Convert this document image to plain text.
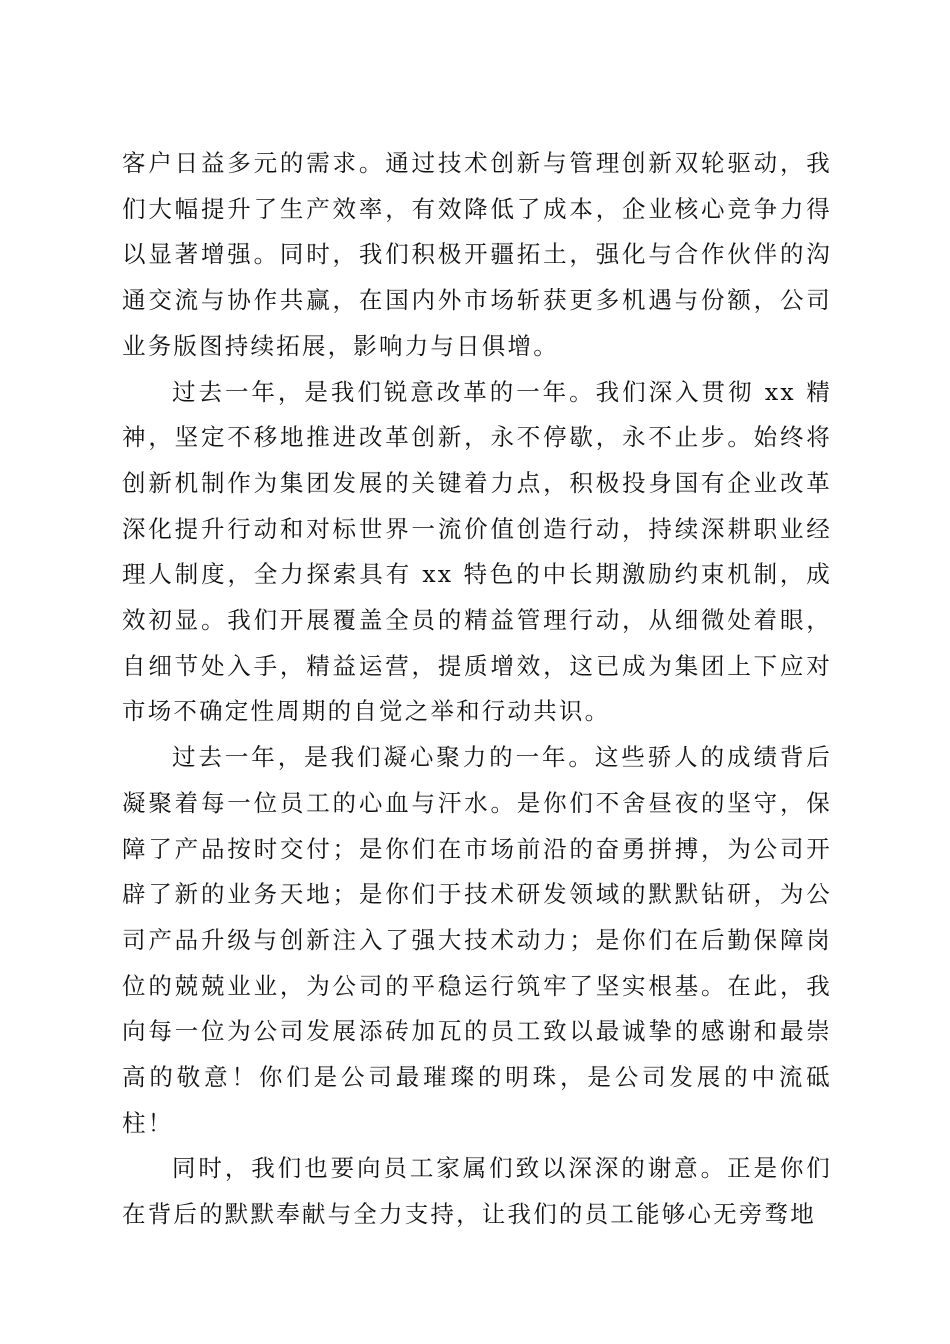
客户日益多元的需求。通过技术创新与管理创新双轮驱动，我们大幅提升了生产效率，有效降低了成本，企业核心竞争力得以显著增强。同时，我们积极开疆拓土，强化与合作伙伴的沟通交流与协作共赢，在国内外市场斩获更多机遇与份额，公司业务版图持续拓展，影响力与日俱增。

过去一年，是我们锐意改革的一年。我们深入贯彻 xx 精神，坚定不移地推进改革创新，永不停歇，永不止步。始终将创新机制作为集团发展的关键着力点，积极投身国有企业改革深化提升行动和对标世界一流价值创造行动，持续深耕职业经理人制度，全力探索具有 xx 特色的中长期激励约束机制，成效初显。我们开展覆盖全员的精益管理行动，从细微处着眼，自细节处入手，精益运营，提质增效，这已成为集团上下应对市场不确定性周期的自觉之举和行动共识。

过去一年，是我们凝心聚力的一年。这些骄人的成绩背后凝聚着每一位员工的心血与汗水。是你们不舍昼夜的坚守，保障了产品按时交付；是你们在市场前沿的奋勇拼搏，为公司开辟了新的业务天地；是你们于技术研发领域的默默钻研，为公司产品升级与创新注入了强大技术动力；是你们在后勤保障岗位的兢兢业业，为公司的平稳运行筑牢了坚实根基。在此，我向每一位为公司发展添砖加瓦的员工致以最诚挚的感谢和最崇高的敬意！你们是公司最璀璨的明珠，是公司发展的中流砥柱！

同时，我们也要向员工家属们致以深深的谢意。正是你们在背后的默默奉献与全力支持，让我们的员工能够心无旁骛地
